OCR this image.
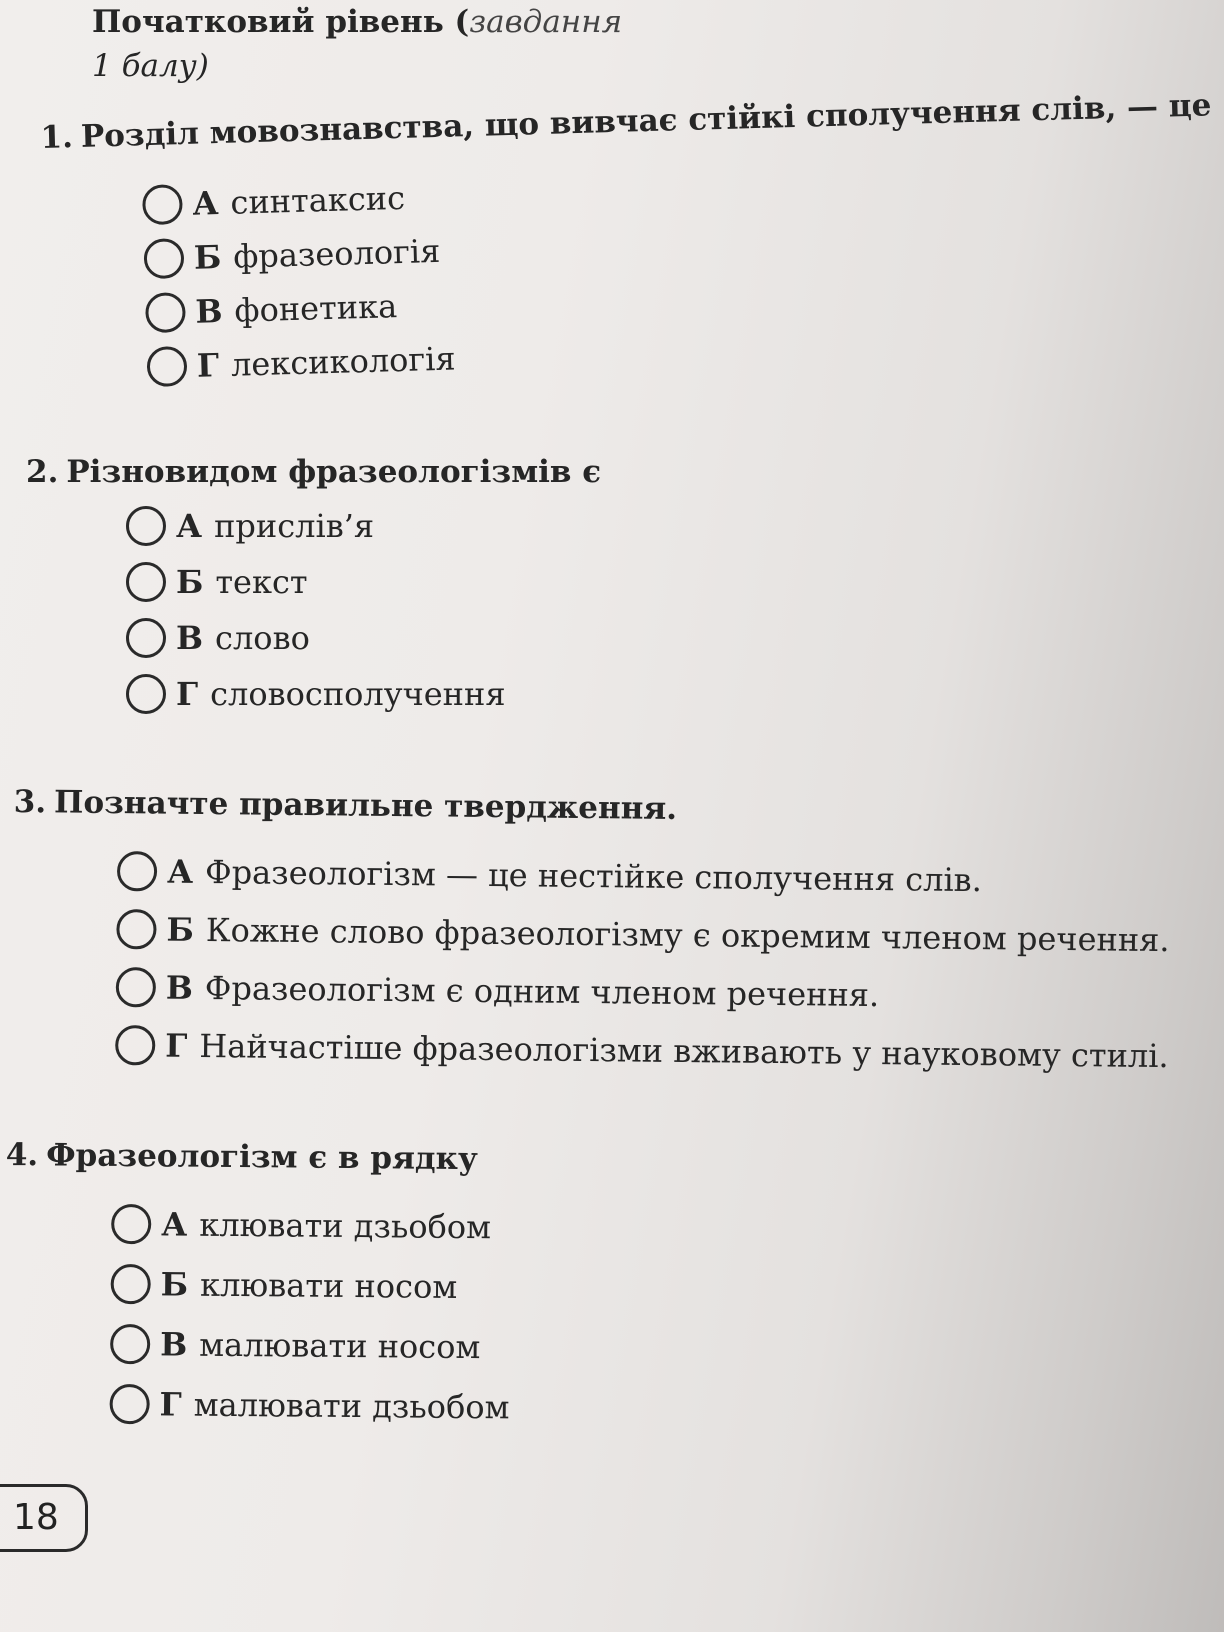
Початковий рівень (завдання
1 балу)
1. Розділ мовознавства, що вивчає стійкі сполучення слів, — це
А синтаксис
Б фразеологія
В фонетика
Г лексикологія
2. Різновидом фразеологізмів є
А прислів’я
Б текст
В слово
Г словосполучення
3. Позначте правильне твердження.
А Фразеологізм — це нестійке сполучення слів.
Б Кожне слово фразеологізму є окремим членом речення.
В Фразеологізм є одним членом речення.
Г Найчастіше фразеологізми вживають у науковому стилі.
4. Фразеологізм є в рядку
А клювати дзьобом
Б клювати носом
В малювати носом
Г малювати дзьобом
18
